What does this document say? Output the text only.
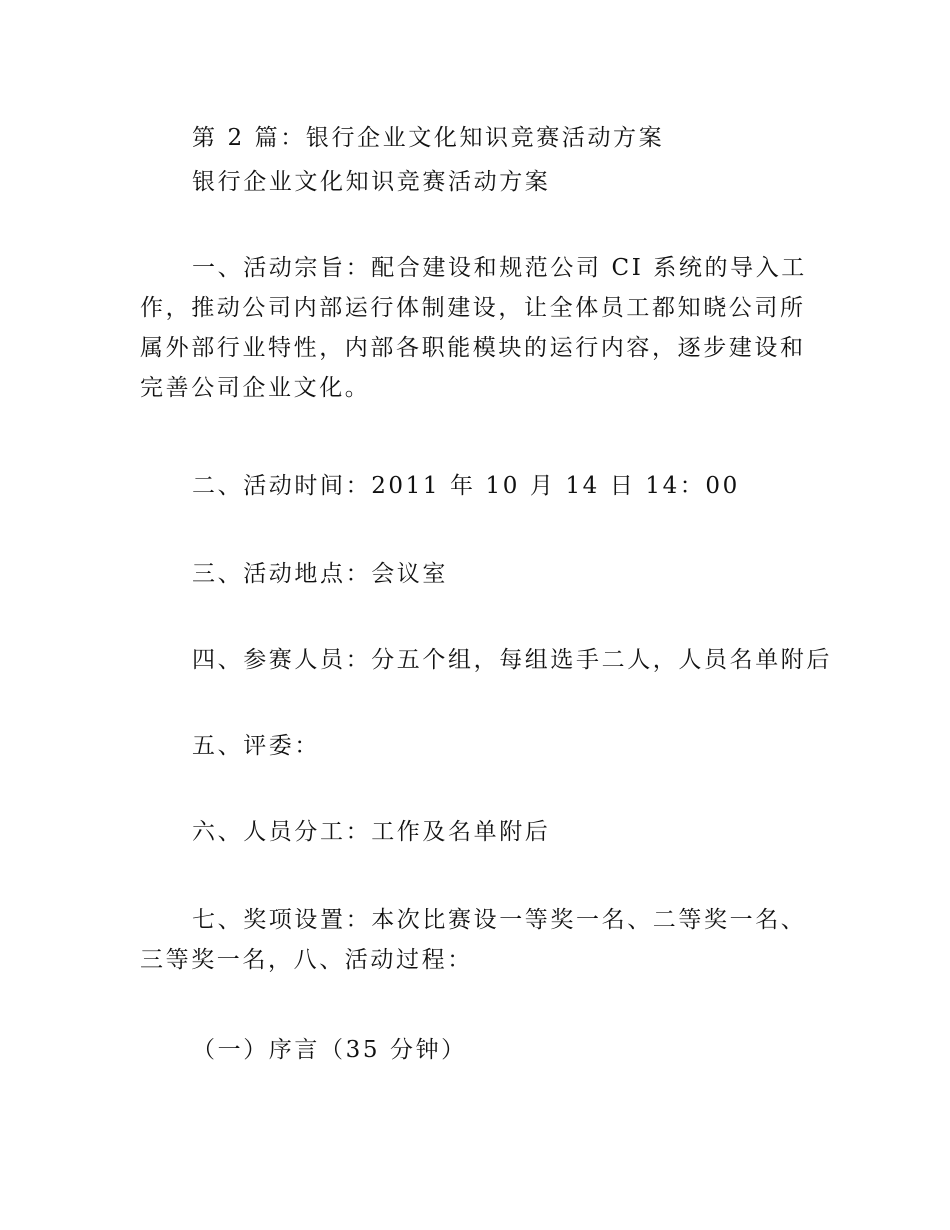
第 2 篇：银行企业文化知识竞赛活动方案
银行企业文化知识竞赛活动方案
一、活动宗旨：配合建设和规范公司 CI 系统的导入工作，推动公司内部运行体制建设，让全体员工都知晓公司所属外部行业特性，内部各职能模块的运行内容，逐步建设和完善公司企业文化。
二、活动时间：2011 年 10 月 14 日 14：00
三、活动地点：会议室
四、参赛人员：分五个组，每组选手二人，人员名单附后
五、评委：
六、人员分工：工作及名单附后
七、奖项设置：本次比赛设一等奖一名、二等奖一名、三等奖一名，八、活动过程：
（一）序言（35 分钟）
